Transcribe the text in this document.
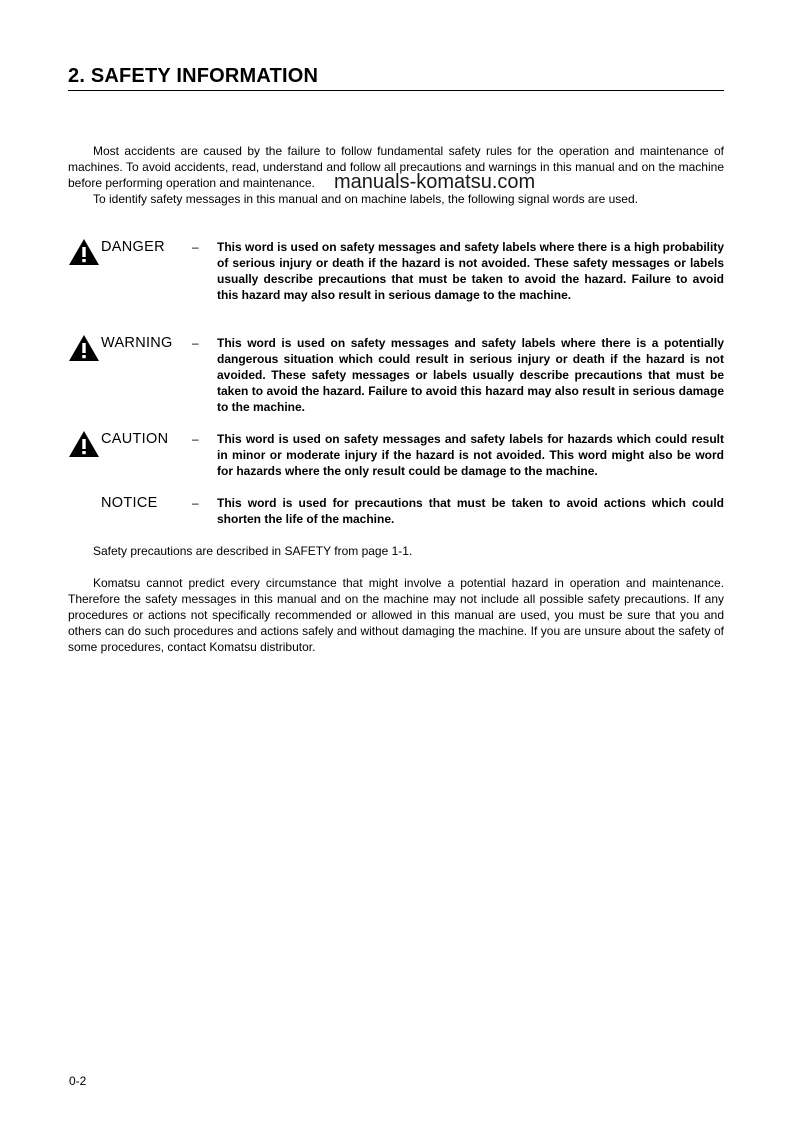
2. SAFETY INFORMATION

Most accidents are caused by the failure to follow fundamental safety rules for the operation and maintenance of machines. To avoid accidents, read, understand and follow all precautions and warnings in this manual and on the machine before performing operation and maintenance.

To identify safety messages in this manual and on machine labels, the following signal words are used.

manuals-komatsu.com
DANGER – This word is used on safety messages and safety labels where there is a high probability of serious injury or death if the hazard is not avoided. These safety messages or labels usually describe precautions that must be taken to avoid the hazard. Failure to avoid this hazard may also result in serious damage to the machine.

WARNING – This word is used on safety messages and safety labels where there is a potentially dangerous situation which could result in serious injury or death if the hazard is not avoided. These safety messages or labels usually describe precautions that must be taken to avoid the hazard. Failure to avoid this hazard may also result in serious damage to the machine.

CAUTION – This word is used on safety messages and safety labels for hazards which could result in minor or moderate injury if the hazard is not avoided. This word might also be word for hazards where the only result could be damage to the machine.

NOTICE	– This word is used for precautions that must be taken to avoid actions which could shorten the life of the machine.

Safety precautions are described in SAFETY from page 1-1.

Komatsu cannot predict every circumstance that might involve a potential hazard in operation and maintenance. Therefore the safety messages in this manual and on the machine may not include all possible safety precautions. If any procedures or actions not specifically recommended or allowed in this manual are used, you must be sure that you and others can do such procedures and actions safely and without damaging the machine. If you are unsure about the safety of some procedures, contact Komatsu distributor.

0-2
